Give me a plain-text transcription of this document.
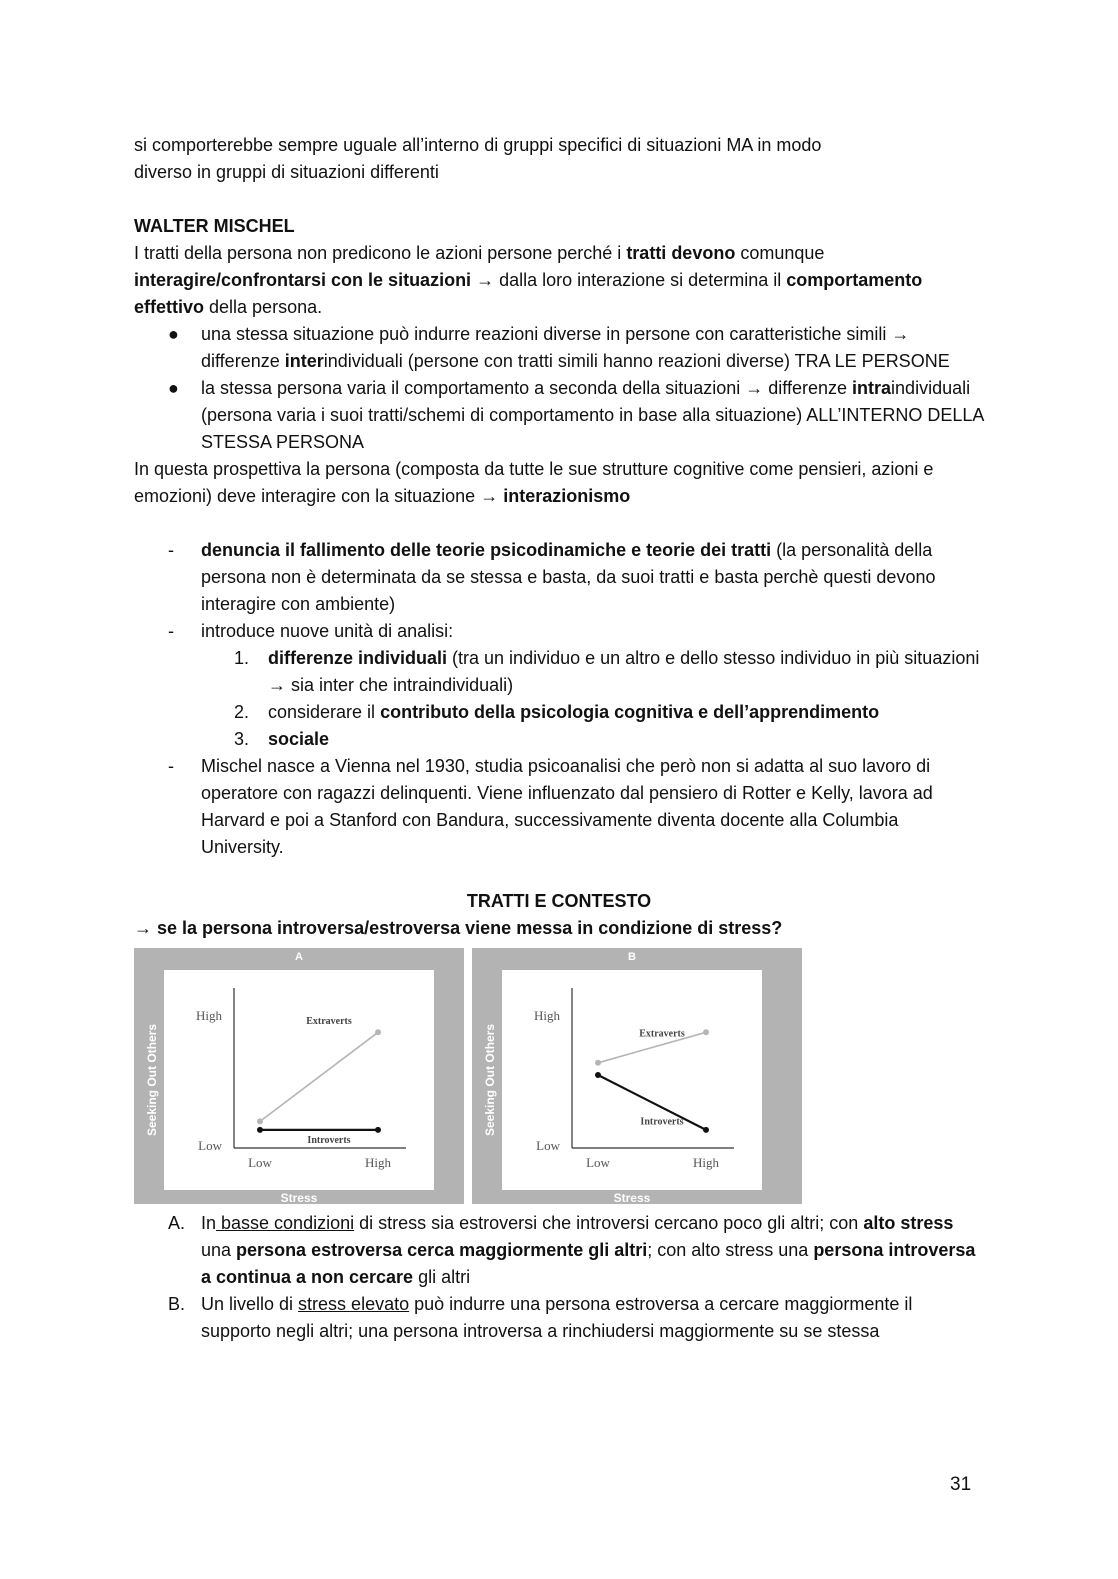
si comporterebbe sempre uguale all’interno di gruppi specifici di situazioni MA in modo
diverso in gruppi di situazioni differenti

WALTER MISCHEL

I tratti della persona non predicono le azioni persone perché i tratti devono comunque interagire/confrontarsi con le situazioni → dalla loro interazione si determina il comportamento effettivo della persona.

● una stessa situazione può indurre reazioni diverse in persone con caratteristiche simili → differenze interindividuali (persone con tratti simili hanno reazioni diverse) TRA LE PERSONE
● la stessa persona varia il comportamento a seconda della situazioni → differenze intraindividuali (persona varia i suoi tratti/schemi di comportamento in base alla situazione) ALL’INTERNO DELLA STESSA PERSONA

In questa prospettiva la persona (composta da tutte le sue strutture cognitive come pensieri, azioni e emozioni) deve interagire con la situazione → interazionismo

- denuncia il fallimento delle teorie psicodinamiche e teorie dei tratti (la personalità della persona non è determinata da se stessa e basta, da suoi tratti e basta perchè questi devono interagire con ambiente)
- introduce nuove unità di analisi:
1. differenze individuali (tra un individuo e un altro e dello stesso individuo in più situazioni → sia inter che intraindividuali)
2. considerare il contributo della psicologia cognitiva e dell’apprendimento
3. sociale
- Mischel nasce a Vienna nel 1930, studia psicoanalisi che però non si adatta al suo lavoro di operatore con ragazzi delinquenti. Viene influenzato dal pensiero di Rotter e Kelly, lavora ad Harvard e poi a Stanford con Bandura, successivamente diventa docente alla Columbia University.

TRATTI E CONTESTO

→ se la persona introversa/estroversa viene messa in condizione di stress?

A
Stress
Seeking Out Others
High
Low
Low	High
Extraverts
Introverts
B
Stress
Seeking Out Others
High
Low
Low	High
Extraverts
Introverts
A. In basse condizioni di stress sia estroversi che introversi cercano poco gli altri; con alto stress una persona estroversa cerca maggiormente gli altri; con alto stress una persona introversa a continua a non cercare gli altri
B. Un livello di stress elevato può indurre una persona estroversa a cercare maggiormente il supporto negli altri; una persona introversa a rinchiudersi maggiormente su se stessa
31
